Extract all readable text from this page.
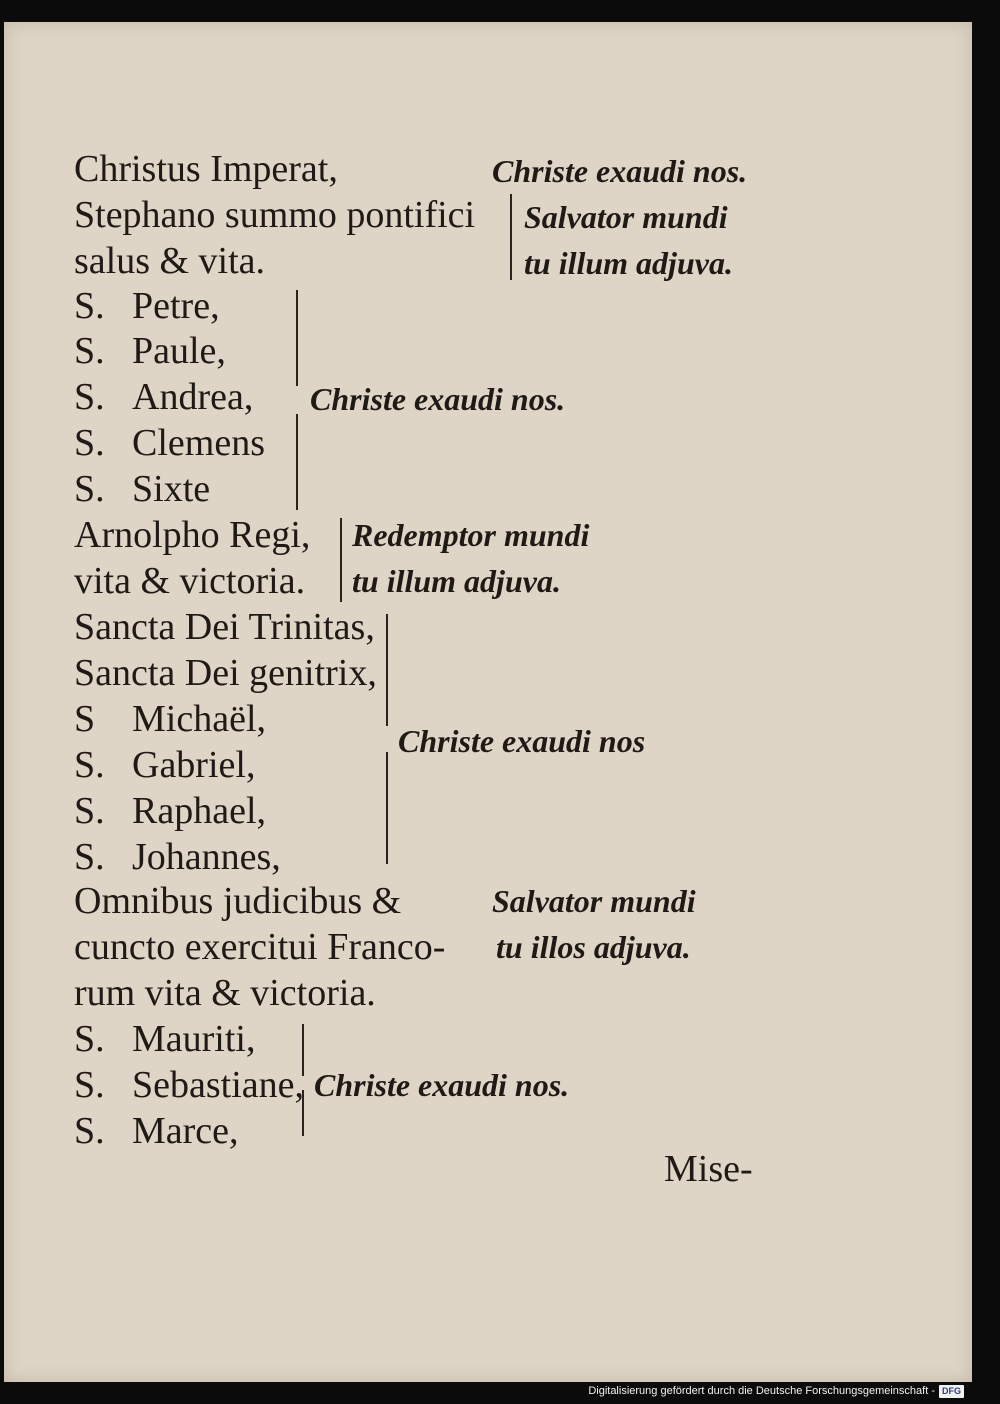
Christus Imperat,
Stephano summo pontifici
salus & vita.
Christe exaudi nos.
Salvator mundi
tu illum adjuva.
S. Petre,
S. Paule,
S. Andrea,
S. Clemens
S. Sixte
Christe exaudi nos.
Arnolpho Regi,
vita & victoria.
Redemptor mundi
tu illum adjuva.
Sancta Dei Trinitas,
Sancta Dei genitrix,
S Michaël,
S. Gabriel,
S. Raphael,
S. Johannes,
Christe exaudi nos
Omnibus judicibus &
cuncto exercitui Franco-
rum vita & victoria.
Salvator mundi
tu illos adjuva.
S. Mauriti,
S. Sebastiane,
S. Marce,
Christe exaudi nos.
Mise-
Digitalisierung gefördert durch die Deutsche Forschungsgemeinschaft - DFG
